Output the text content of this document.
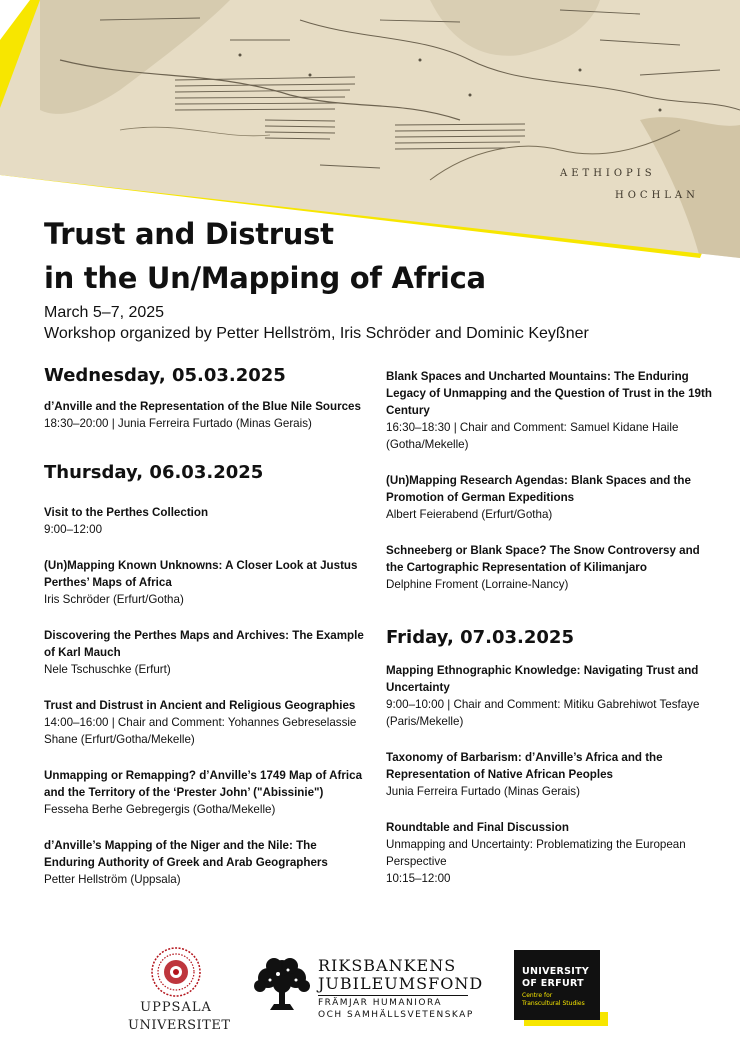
AETHIOPIS
HOCHLAN
Trust and Distrust
in the Un/Mapping of Africa
March 5–7, 2025
Workshop organized by Petter Hellström, Iris Schröder and Dominic Keyßner
Wednesday, 05.03.2025
d’Anville and the Representation of the Blue Nile Sources
18:30–20:00 | Junia Ferreira Furtado (Minas Gerais)
Thursday, 06.03.2025
Visit to the Perthes Collection
9:00–12:00
(Un)Mapping Known Unknowns: A Closer Look at Justus Perthes’ Maps of Africa
Iris Schröder (Erfurt/Gotha)
Discovering the Perthes Maps and Archives: The Example of Karl Mauch
Nele Tschuschke (Erfurt)
Trust and Distrust in Ancient and Religious Geographies
14:00–16:00 | Chair and Comment: Yohannes Gebreselassie Shane (Erfurt/Gotha/Mekelle)
Unmapping or Remapping? d’Anville’s 1749 Map of Africa and the Territory of the ‘Prester John’ ("Abissinie")
Fesseha Berhe Gebregergis (Gotha/Mekelle)
d’Anville’s Mapping of the Niger and the Nile: The Enduring Authority of Greek and Arab Geographers
Petter Hellström (Uppsala)
Blank Spaces and Uncharted Mountains: The Enduring Legacy of Unmapping and the Question of Trust in the 19th Century
16:30–18:30 | Chair and Comment: Samuel Kidane Haile (Gotha/Mekelle)
(Un)Mapping Research Agendas: Blank Spaces and the Promotion of German Expeditions
Albert Feierabend (Erfurt/Gotha)
Schneeberg or Blank Space? The Snow Controversy and the Cartographic Representation of Kilimanjaro
Delphine Froment (Lorraine-Nancy)
Friday, 07.03.2025
Mapping Ethnographic Knowledge: Navigating Trust and Uncertainty
9:00–10:00 | Chair and Comment: Mitiku Gabrehiwot Tesfaye (Paris/Mekelle)
Taxonomy of Barbarism: d’Anville’s Africa and the Representation of Native African Peoples
Junia Ferreira Furtado (Minas Gerais)
Roundtable and Final Discussion
Unmapping and Uncertainty: Problematizing the European Perspective
10:15–12:00
UPPSALA
UNIVERSITET
RIKSBANKENS
JUBILEUMSFOND
FRÄMJAR HUMANIORA
OCH SAMHÄLLSVETENSKAP
UNIVERSITY
OF ERFURT
Centre for
Transcultural Studies
